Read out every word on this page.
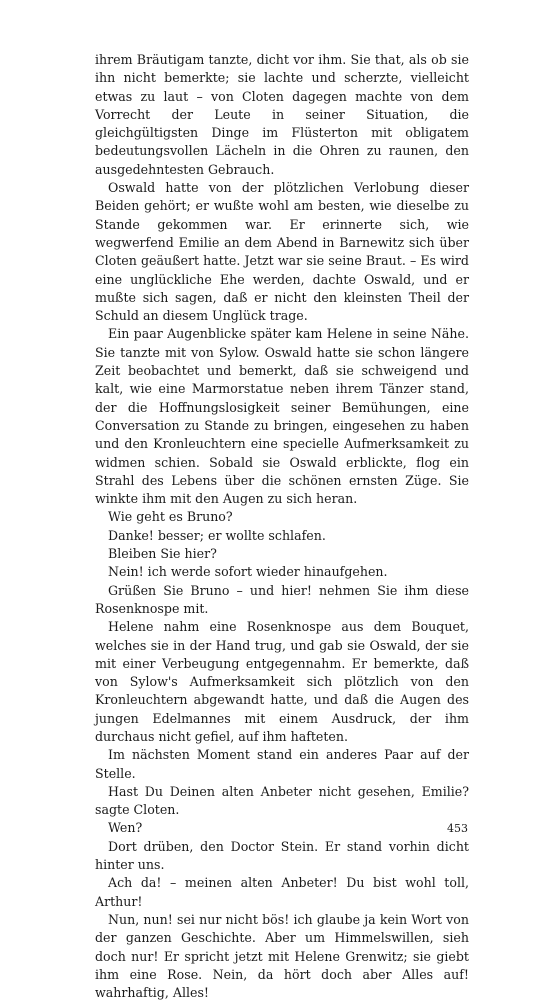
ihrem Bräutigam tanzte, dicht vor ihm. Sie that, als ob sie ihn nicht bemerkte; sie lachte und scherzte, vielleicht etwas zu laut – von Cloten dagegen machte von dem Vorrecht der Leute in seiner Situation, die gleichgültigsten Dinge im Flüsterton mit obligatem bedeutungsvollen Lächeln in die Ohren zu raunen, den ausgedehntesten Gebrauch.

Oswald hatte von der plötzlichen Verlobung dieser Beiden gehört; er wußte wohl am besten, wie dieselbe zu Stande gekommen war. Er erinnerte sich, wie wegwerfend Emilie an dem Abend in Barnewitz sich über Cloten geäußert hatte. Jetzt war sie seine Braut. – Es wird eine unglückliche Ehe werden, dachte Oswald, und er mußte sich sagen, daß er nicht den kleinsten Theil der Schuld an diesem Unglück trage.

Ein paar Augenblicke später kam Helene in seine Nähe. Sie tanzte mit von Sylow. Oswald hatte sie schon längere Zeit beobachtet und bemerkt, daß sie schweigend und kalt, wie eine Marmorstatue neben ihrem Tänzer stand, der die Hoffnungslosigkeit seiner Bemühungen, eine Conversation zu Stande zu bringen, eingesehen zu haben und den Kronleuchtern eine specielle Aufmerksamkeit zu widmen schien. Sobald sie Oswald erblickte, flog ein Strahl des Lebens über die schönen ernsten Züge. Sie winkte ihm mit den Augen zu sich heran.

Wie geht es Bruno?

Danke! besser; er wollte schlafen.

Bleiben Sie hier?

Nein! ich werde sofort wieder hinaufgehen.

Grüßen Sie Bruno – und hier! nehmen Sie ihm diese Rosenknospe mit.

Helene nahm eine Rosenknospe aus dem Bouquet, welches sie in der Hand trug, und gab sie Oswald, der sie mit einer Verbeugung entgegennahm. Er bemerkte, daß von Sylow's Aufmerksamkeit sich plötzlich von den Kronleuchtern abgewandt hatte, und daß die Augen des jungen Edelmannes mit einem Ausdruck, der ihm durchaus nicht gefiel, auf ihm hafteten.

Im nächsten Moment stand ein anderes Paar auf der Stelle.

Hast Du Deinen alten Anbeter nicht gesehen, Emilie? sagte Cloten.

Wen?

Dort drüben, den Doctor Stein. Er stand vorhin dicht hinter uns.

Ach da! – meinen alten Anbeter! Du bist wohl toll, Arthur!

Nun, nun! sei nur nicht bös! ich glaube ja kein Wort von der ganzen Geschichte. Aber um Himmelswillen, sieh doch nur! Er spricht jetzt mit Helene Grenwitz; sie giebt ihm eine Rose. Nein, da hört doch aber Alles auf! wahrhaftig, Alles!

453
